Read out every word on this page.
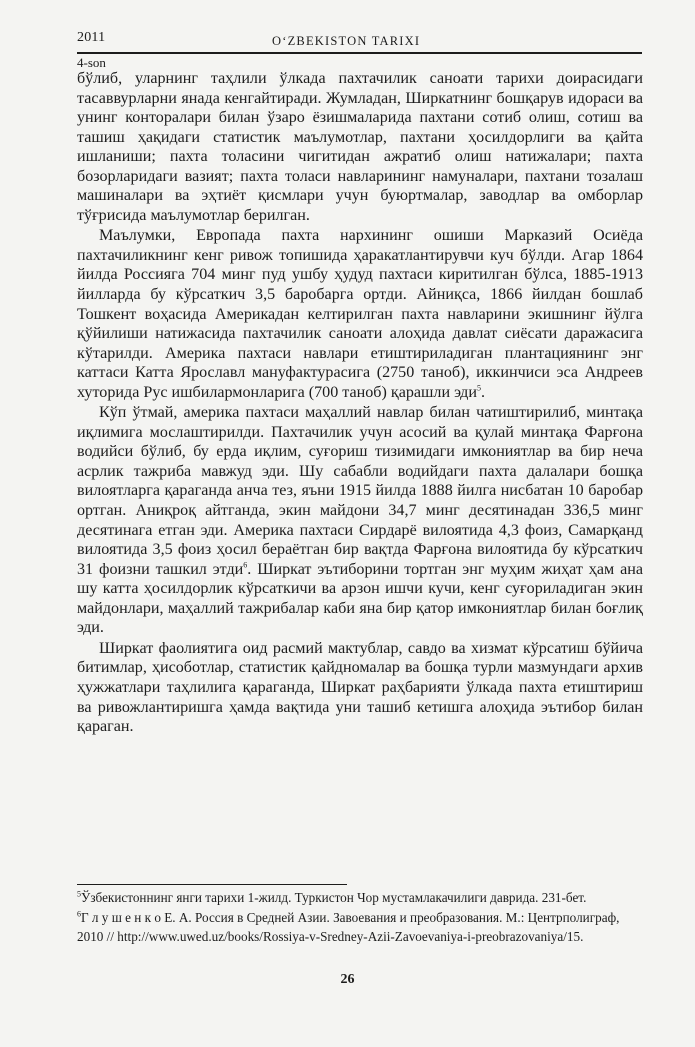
2011	O‘ZBEKISTON TARIXI
4-son

бўлиб, уларнинг таҳлили ўлкада пахтачилик саноати тарихи доирасидаги тасаввурларни янада кенгайтиради. Жумладан, Ширкатнинг бошқарув идораси ва унинг конторалари билан ўзаро ёзишмаларида пахтани сотиб олиш, сотиш ва ташиш ҳақидаги статистик маълумотлар, пахтани ҳосилдорлиги ва қайта ишланиши; пахта толасини чигитидан ажратиб олиш натижалари; пахта бозорларидаги вазият; пахта толаси навларининг намуналари, пахтани тозалаш машиналари ва эҳтиёт қисмлари учун буюртмалар, заводлар ва омборлар тўғрисида маълумотлар берилган.

Маълумки, Европада пахта нархининг ошиши Марказий Осиёда пахтачиликнинг кенг ривож топишида ҳаракатлантирувчи куч бўлди. Агар 1864 йилда Россияга 704 минг пуд ушбу ҳудуд пахтаси киритилган бўлса, 1885-1913 йилларда бу кўрсаткич 3,5 баробарга ортди. Айниқса, 1866 йилдан бошлаб Тошкент воҳасида Америкадан келтирилган пахта навларини экишнинг йўлга қўйилиши натижасида пахтачилик саноати алоҳида давлат сиёсати даражасига кўтарилди. Америка пахтаси навлари етиштириладиган плантациянинг энг каттаси Катта Ярославл мануфактурасига (2750 таноб), иккинчиси эса Андреев хуторида Рус ишбилармонларига (700 таноб) қарашли эди$^5$.

Кўп ўтмай, америка пахтаси маҳаллий навлар билан чатиштирилиб, минтақа иқлимига мослаштирилди. Пахтачилик учун асосий ва қулай минтақа Фарғона водийси бўлиб, бу ерда иқлим, суғориш тизимидаги имкониятлар ва бир неча асрлик тажриба мавжуд эди. Шу сабабли водийдаги пахта далалари бошқа вилоятларга қараганда анча тез, яъни 1915 йилда 1888 йилга нисбатан 10 баробар ортган. Аниқроқ айтганда, экин майдони 34,7 минг десятинадан 336,5 минг десятинага етган эди. Америка пахтаси Сирдарё вилоятида 4,3 фоиз, Самарқанд вилоятида 3,5 фоиз ҳосил бераётган бир вақтда Фарғона вилоятида бу кўрсаткич 31 фоизни ташкил этди$^6$. Ширкат эътиборини тортган энг муҳим жиҳат ҳам ана шу катта ҳосилдорлик кўрсаткичи ва арзон ишчи кучи, кенг суғориладиган экин майдонлари, маҳаллий тажрибалар каби яна бир қатор имкониятлар билан боғлиқ эди.

Ширкат фаолиятига оид расмий мактублар, савдо ва хизмат кўрсатиш бўйича битимлар, ҳисоботлар, статистик қайдномалар ва бошқа турли мазмундаги архив ҳужжатлари таҳлилига қараганда, Ширкат раҳбарияти ўлкада пахта етиштириш ва ривожлантиришга ҳамда вақтида уни ташиб кетишга алоҳида эътибор билан қараган.

$^5$Ўзбекистоннинг янги тарихи 1-жилд. Туркистон Чор мустамлакачилиги даврида. 231-бет.

$^6$Г л у ш е н к о Е. А. Россия в Средней Азии. Завоевания и преобразования. М.: Центрполиграф, 2010 // http://www.uwed.uz/books/Rossiya-v-Sredney-Azii-Zavoevaniya-i-preobrazovaniya/15.

26
